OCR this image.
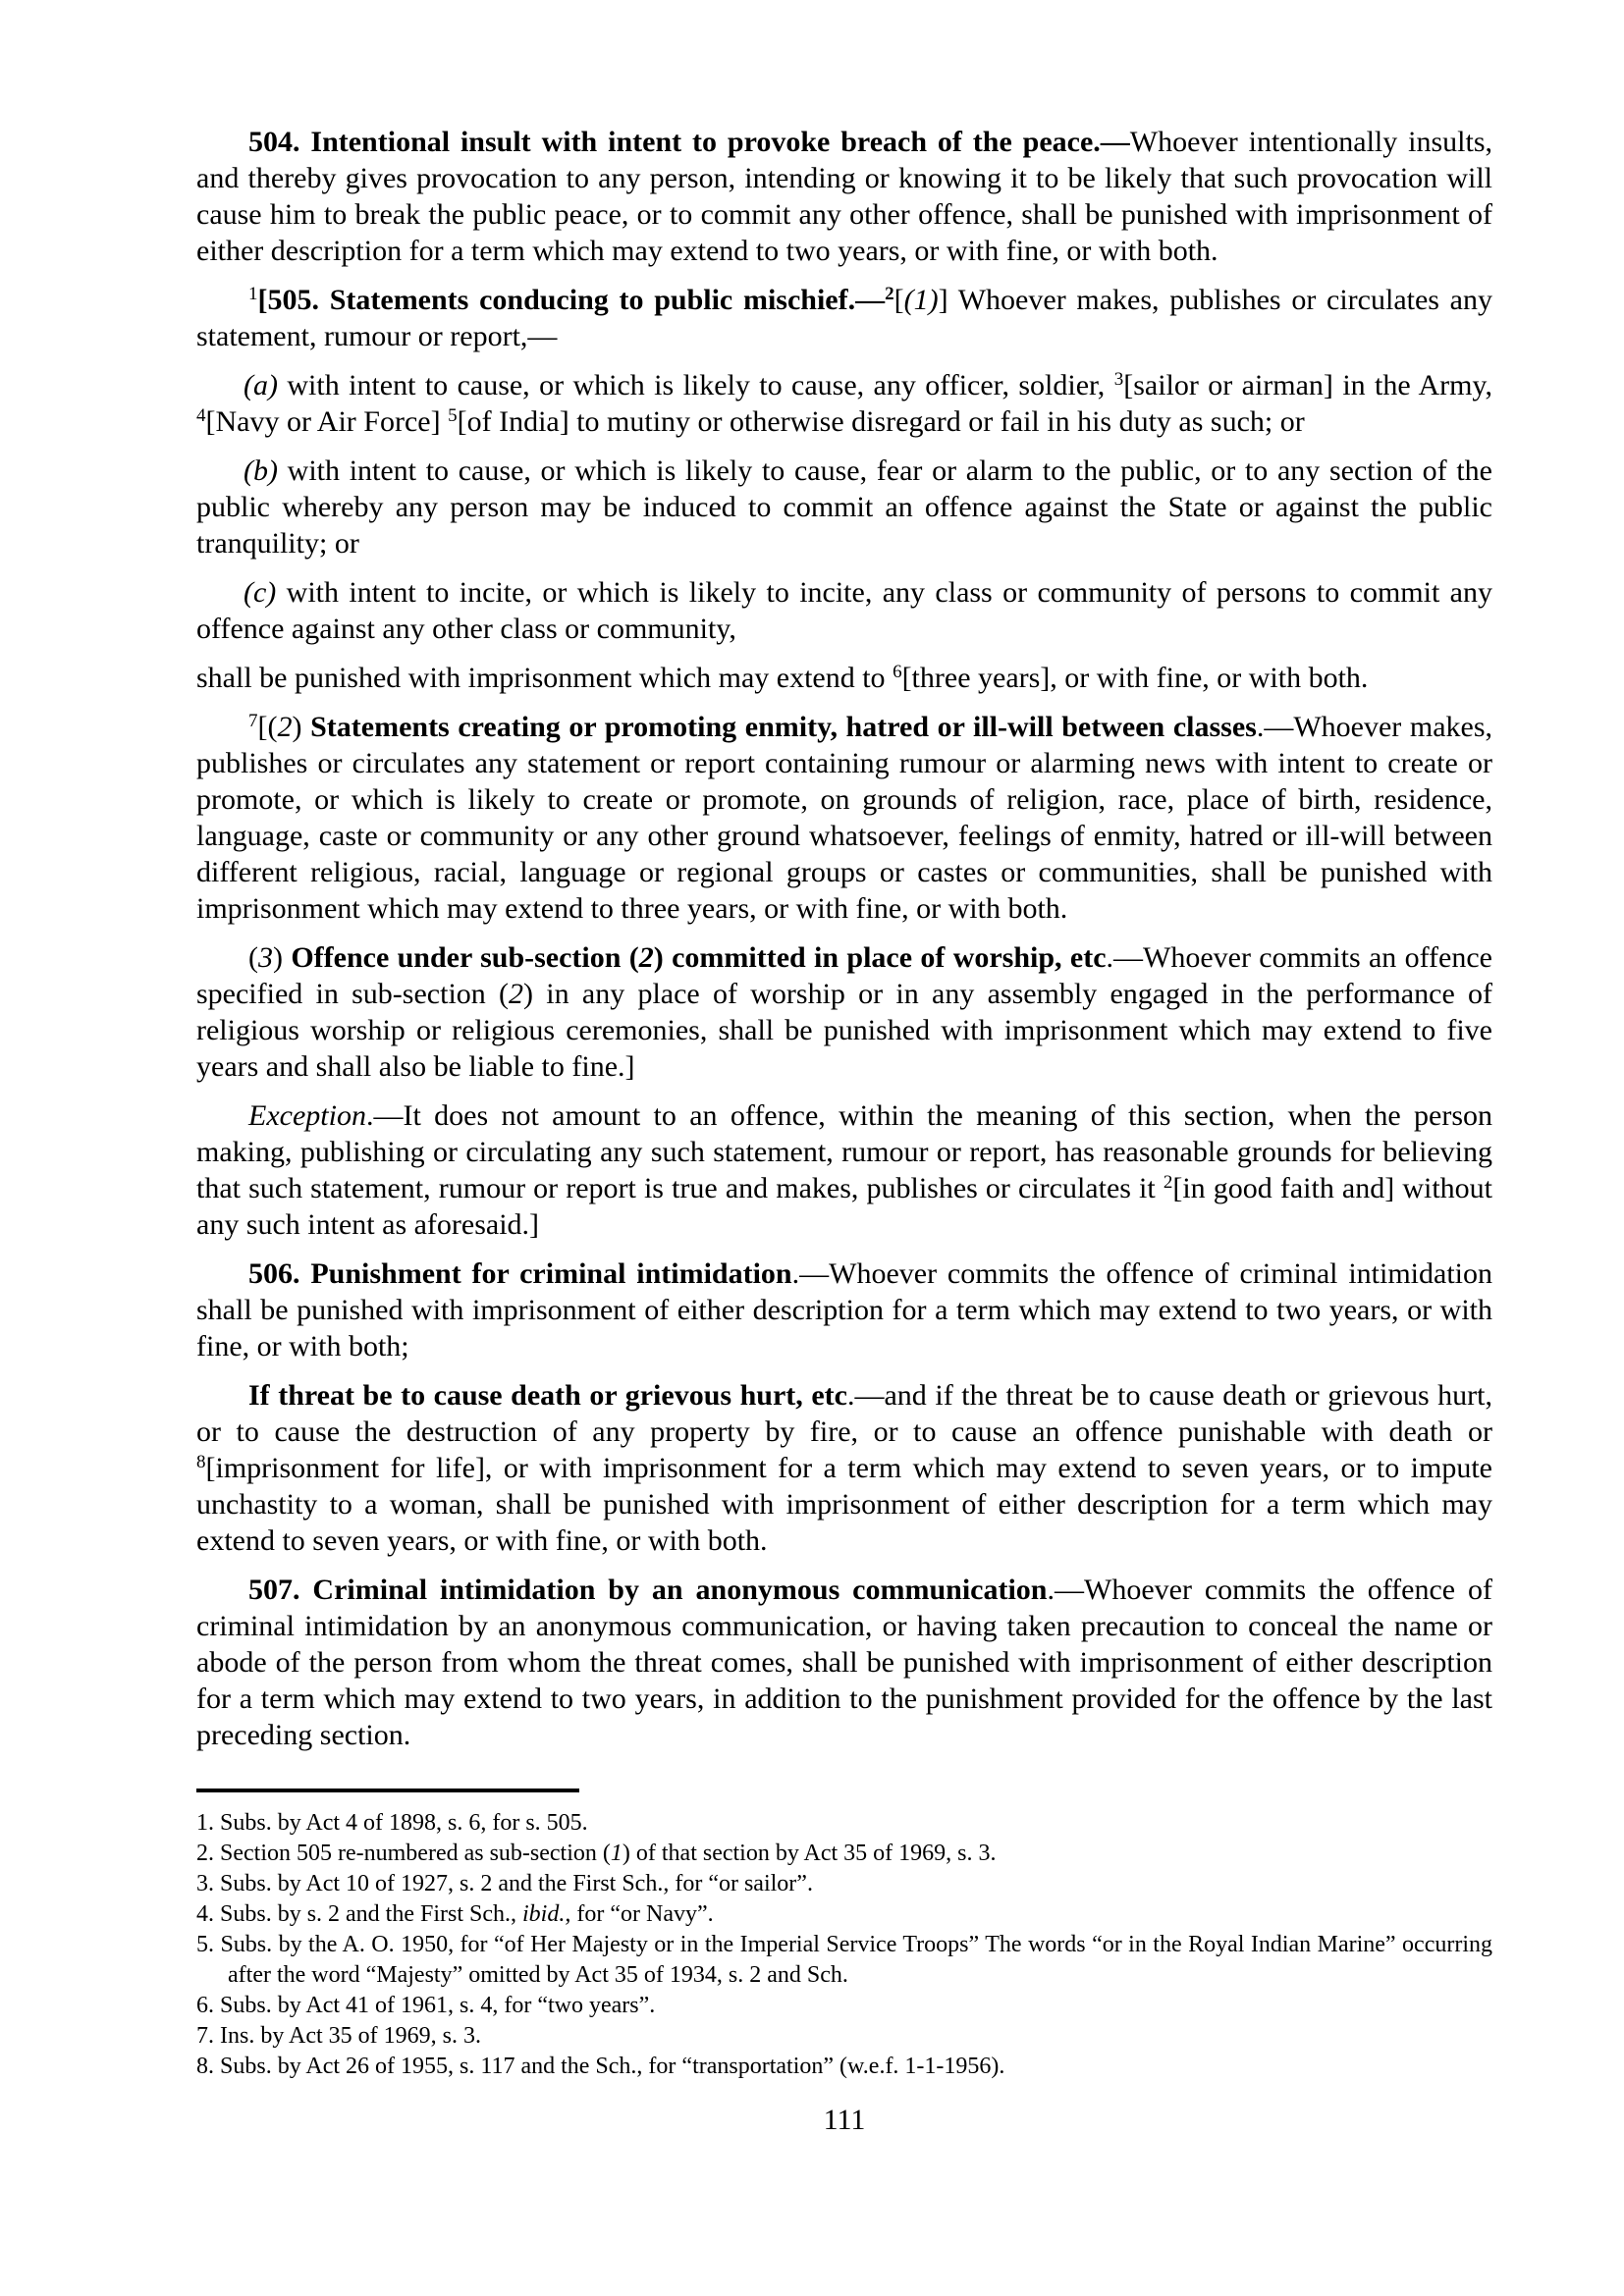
504. Intentional insult with intent to provoke breach of the peace.—Whoever intentionally insults, and thereby gives provocation to any person, intending or knowing it to be likely that such provocation will cause him to break the public peace, or to commit any other offence, shall be punished with imprisonment of either description for a term which may extend to two years, or with fine, or with both.

$^1$[505. Statements conducing to public mischief.—$^2$[(1)] Whoever makes, publishes or circulates any statement, rumour or report,—

(a) with intent to cause, or which is likely to cause, any officer, soldier, $^3$[sailor or airman] in the Army, $^4$[Navy or Air Force] $^5$[of India] to mutiny or otherwise disregard or fail in his duty as such; or

(b) with intent to cause, or which is likely to cause, fear or alarm to the public, or to any section of the public whereby any person may be induced to commit an offence against the State or against the public tranquility; or

(c) with intent to incite, or which is likely to incite, any class or community of persons to commit any offence against any other class or community,

shall be punished with imprisonment which may extend to $^6$[three years], or with fine, or with both.

$^7$[(2) Statements creating or promoting enmity, hatred or ill-will between classes.—Whoever makes, publishes or circulates any statement or report containing rumour or alarming news with intent to create or promote, or which is likely to create or promote, on grounds of religion, race, place of birth, residence, language, caste or community or any other ground whatsoever, feelings of enmity, hatred or ill-will between different religious, racial, language or regional groups or castes or communities, shall be punished with imprisonment which may extend to three years, or with fine, or with both.

(3) Offence under sub-section (2) committed in place of worship, etc.—Whoever commits an offence specified in sub-section (2) in any place of worship or in any assembly engaged in the performance of religious worship or religious ceremonies, shall be punished with imprisonment which may extend to five years and shall also be liable to fine.]

Exception.—It does not amount to an offence, within the meaning of this section, when the person making, publishing or circulating any such statement, rumour or report, has reasonable grounds for believing that such statement, rumour or report is true and makes, publishes or circulates it $^2$[in good faith and] without any such intent as aforesaid.]

506. Punishment for criminal intimidation.—Whoever commits the offence of criminal intimidation shall be punished with imprisonment of either description for a term which may extend to two years, or with fine, or with both;

If threat be to cause death or grievous hurt, etc.—and if the threat be to cause death or grievous hurt, or to cause the destruction of any property by fire, or to cause an offence punishable with death or $^8$[imprisonment for life], or with imprisonment for a term which may extend to seven years, or to impute unchastity to a woman, shall be punished with imprisonment of either description for a term which may extend to seven years, or with fine, or with both.

507. Criminal intimidation by an anonymous communication.—Whoever commits the offence of criminal intimidation by an anonymous communication, or having taken precaution to conceal the name or abode of the person from whom the threat comes, shall be punished with imprisonment of either description for a term which may extend to two years, in addition to the punishment provided for the offence by the last preceding section.

1. Subs. by Act 4 of 1898, s. 6, for s. 505.

2. Section 505 re-numbered as sub-section (1) of that section by Act 35 of 1969, s. 3.

3. Subs. by Act 10 of 1927, s. 2 and the First Sch., for “or sailor”.

4. Subs. by s. 2 and the First Sch., ibid., for “or Navy”.

5. Subs. by the A. O. 1950, for “of Her Majesty or in the Imperial Service Troops” The words “or in the Royal Indian Marine” occurring after the word “Majesty” omitted by Act 35 of 1934, s. 2 and Sch.

6. Subs. by Act 41 of 1961, s. 4, for “two years”.

7. Ins. by Act 35 of 1969, s. 3.

8. Subs. by Act 26 of 1955, s. 117 and the Sch., for “transportation” (w.e.f. 1-1-1956).

111
